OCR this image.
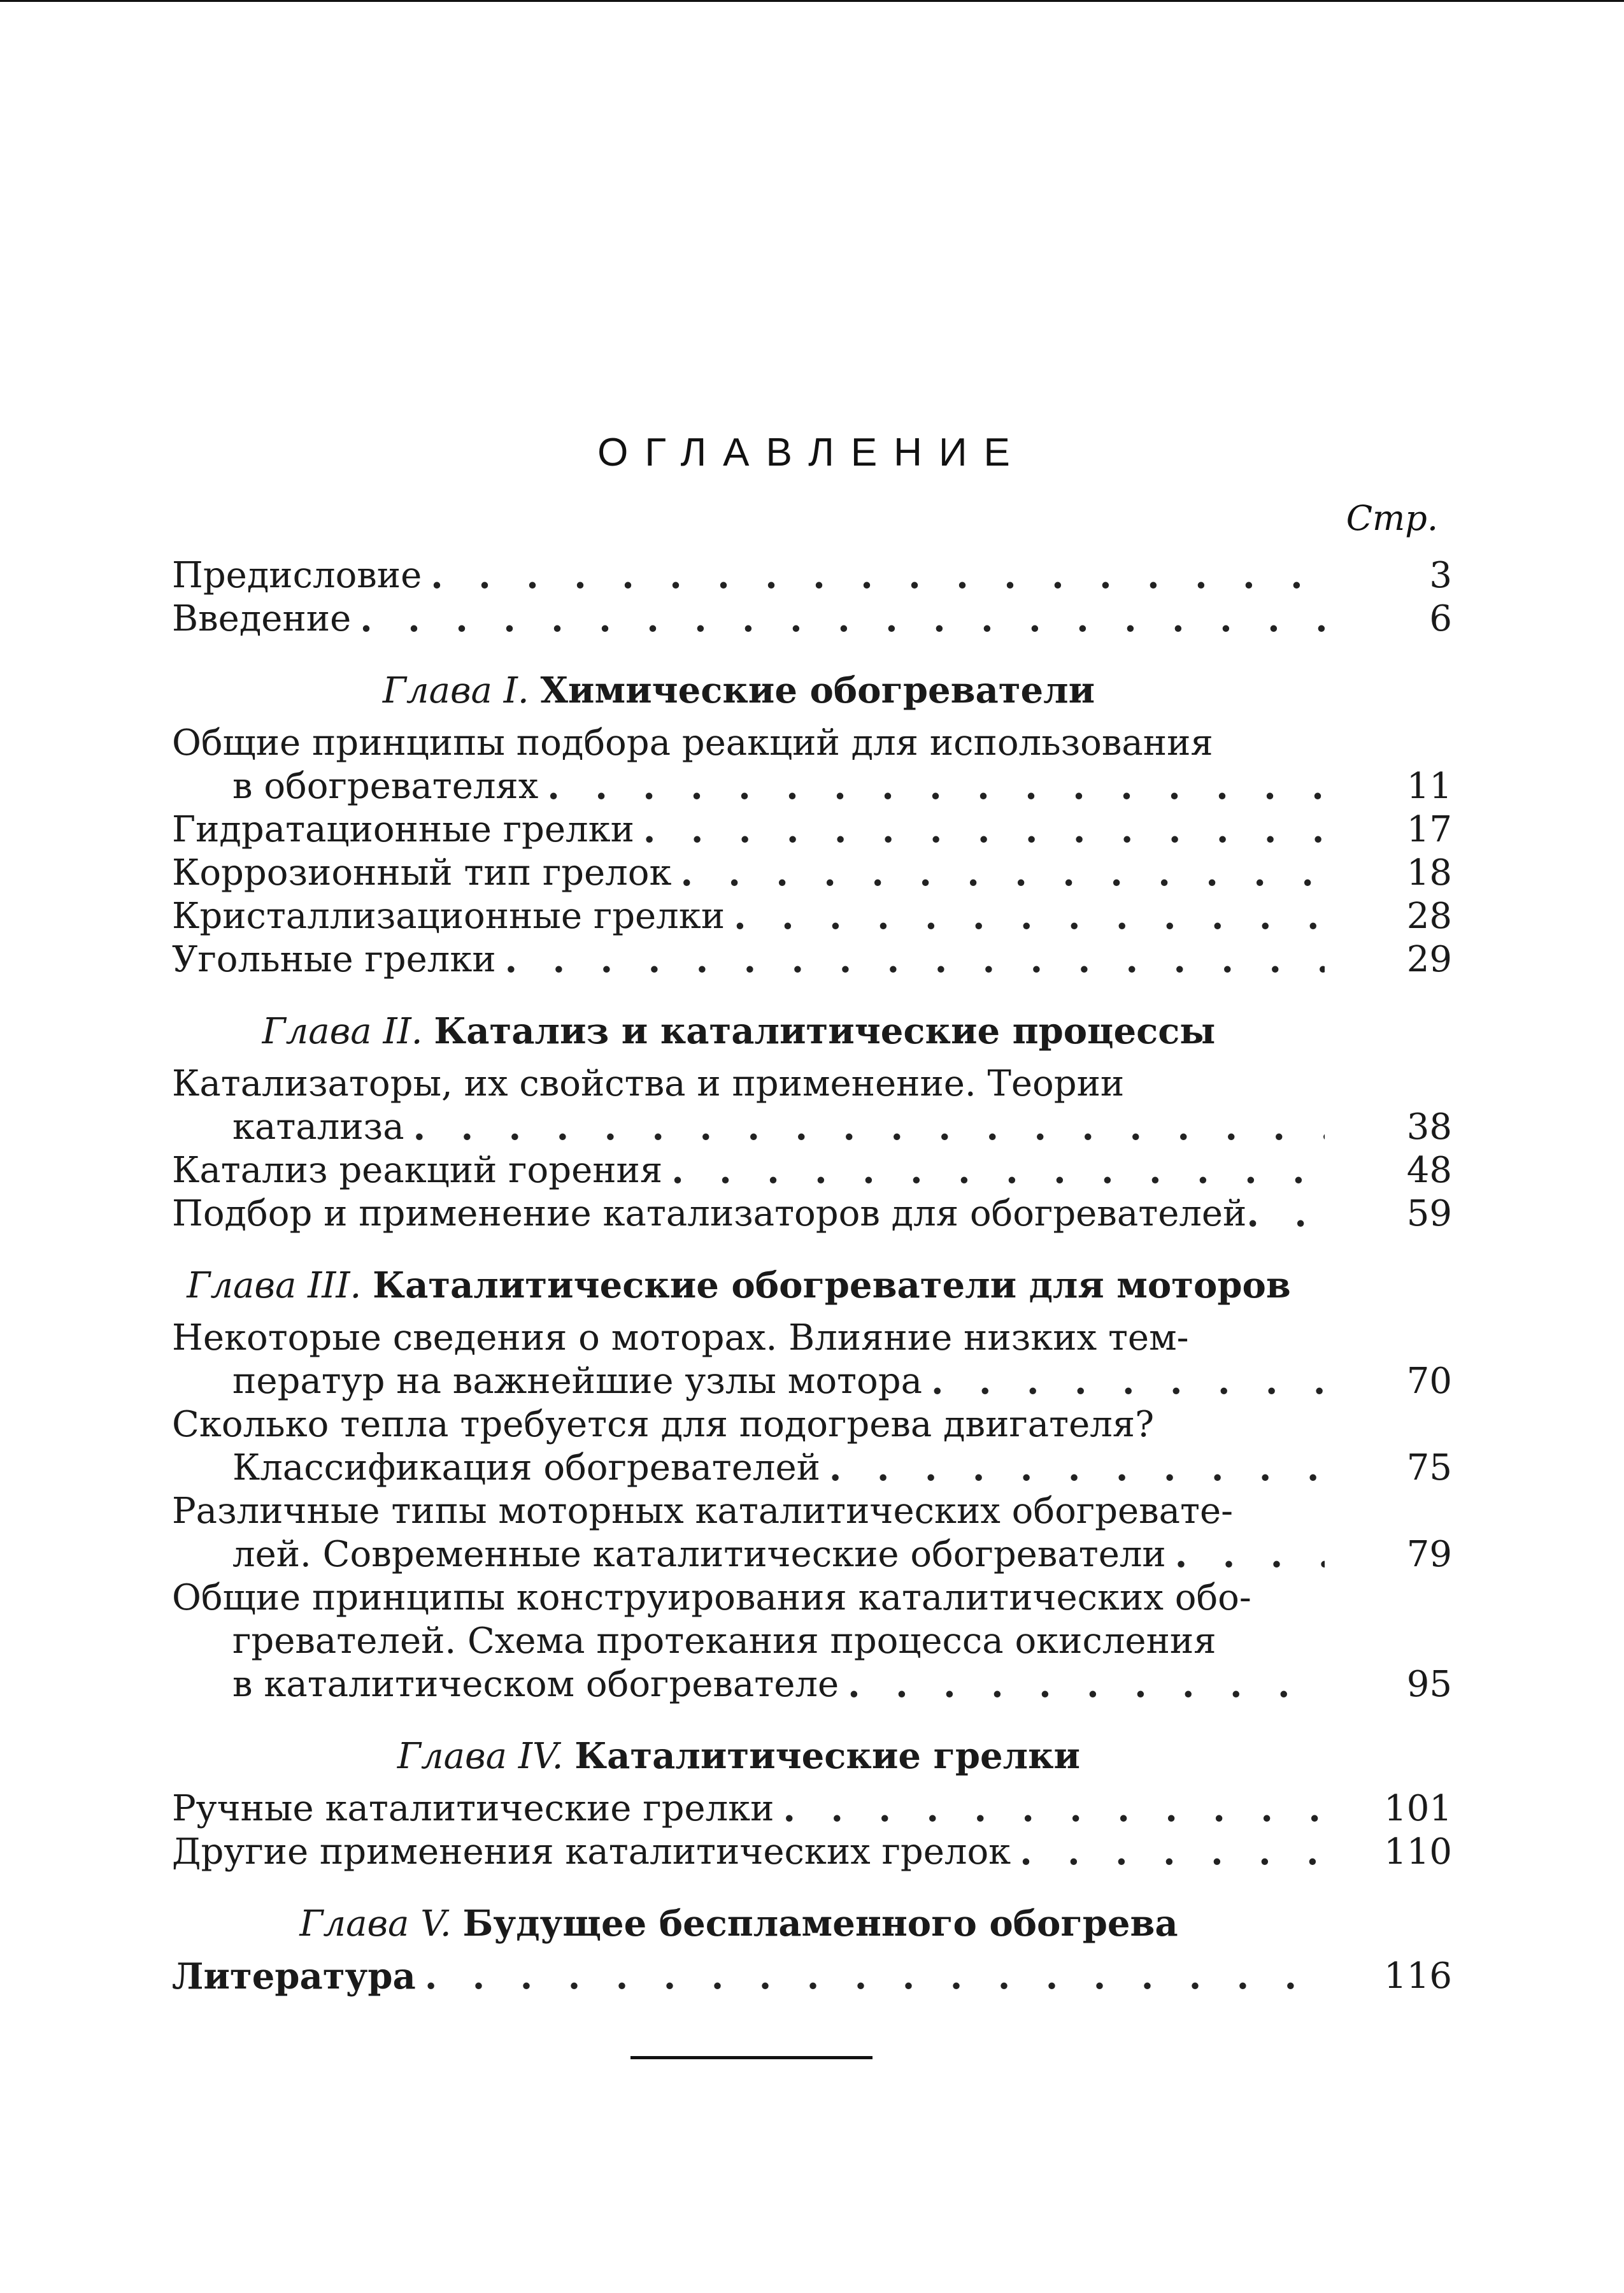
ОГЛАВЛЕНИЕ
Стр.
Предисловие . . .	3
Введение . . .	6
Глава I. Химические обогреватели
Общие принципы подбора реакций для использования
в обогревателях . . .	11
Гидратационные грелки . . .	17
Коррозионный тип грелок . . .	18
Кристаллизационные грелки . . .	28
Угольные грелки . . .	29
Глава II. Катализ и каталитические процессы
Катализаторы, их свойства и применение. Теории
катализа . . .	38
Катализ реакций горения . . .	48
Подбор и применение катализаторов для обогревателей . . .	59
Глава III. Каталитические обогреватели для моторов
Некоторые сведения о моторах. Влияние низких тем-
ператур на важнейшие узлы мотора . . .	70
Сколько тепла требуется для подогрева двигателя?
Классификация обогревателей . . .	75
Различные типы моторных каталитических обогревате-
лей. Современные каталитические обогреватели . . .	79
Общие принципы конструирования каталитических обо-
гревателей. Схема протекания процесса окисления
в каталитическом обогревателе . . .	95
Глава IV. Каталитические грелки
Ручные каталитические грелки . . .	101
Другие применения каталитических грелок . . .	110
Глава V. Будущее беспламенного обогрева
Литература . . .	116
